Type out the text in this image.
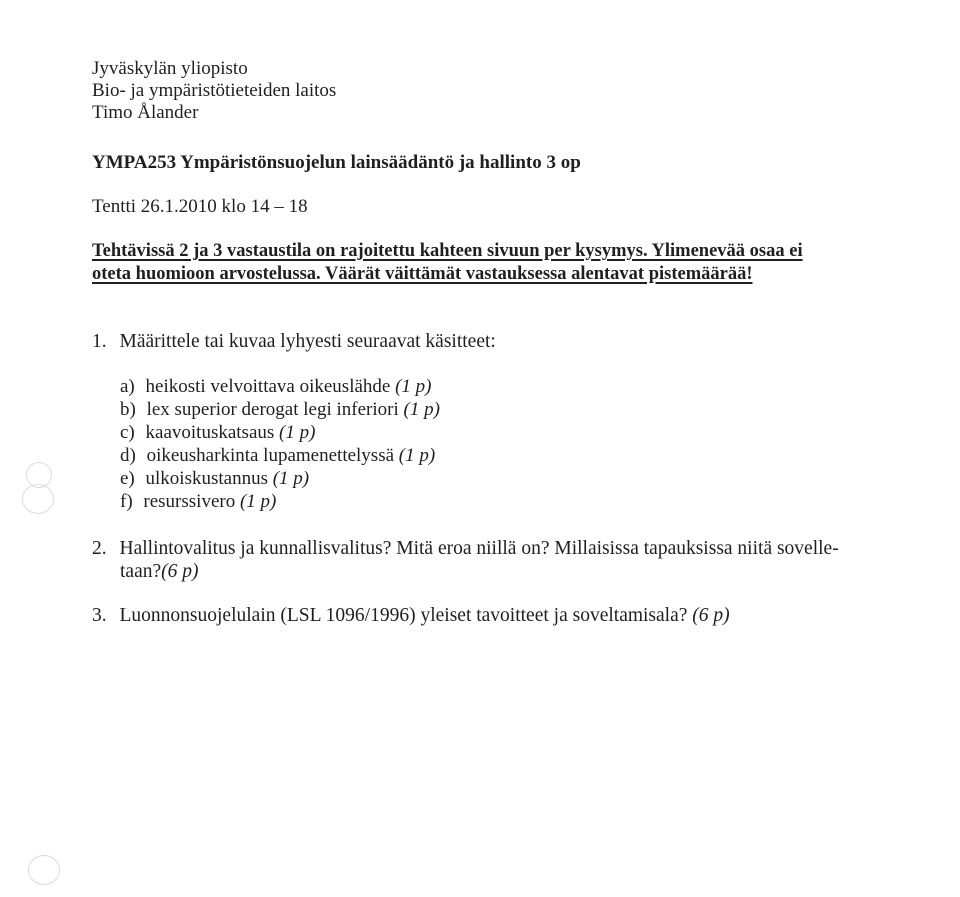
Jyväskylän yliopisto
Bio- ja ympäristötieteiden laitos
Timo Ålander
YMPA253 Ympäristönsuojelun lainsäädäntö ja hallinto 3 op
Tentti 26.1.2010 klo 14 – 18
Tehtävissä 2 ja 3 vastaustila on rajoitettu kahteen sivuun per kysymys. Ylimenevää osaa ei
oteta huomioon arvostelussa. Väärät väittämät vastauksessa alentavat pistemäärää!
1. Määrittele tai kuvaa lyhyesti seuraavat käsitteet:
a) heikosti velvoittava oikeuslähde (1 p)
b) lex superior derogat legi inferiori (1 p)
c) kaavoituskatsaus (1 p)
d) oikeusharkinta lupamenettelyssä (1 p)
e) ulkoiskustannus (1 p)
f) resurssivero (1 p)
2. Hallintovalitus ja kunnallisvalitus? Mitä eroa niillä on? Millaisissa tapauksissa niitä sovelle-
taan?(6 p)
3. Luonnonsuojelulain (LSL 1096/1996) yleiset tavoitteet ja soveltamisala? (6 p)
